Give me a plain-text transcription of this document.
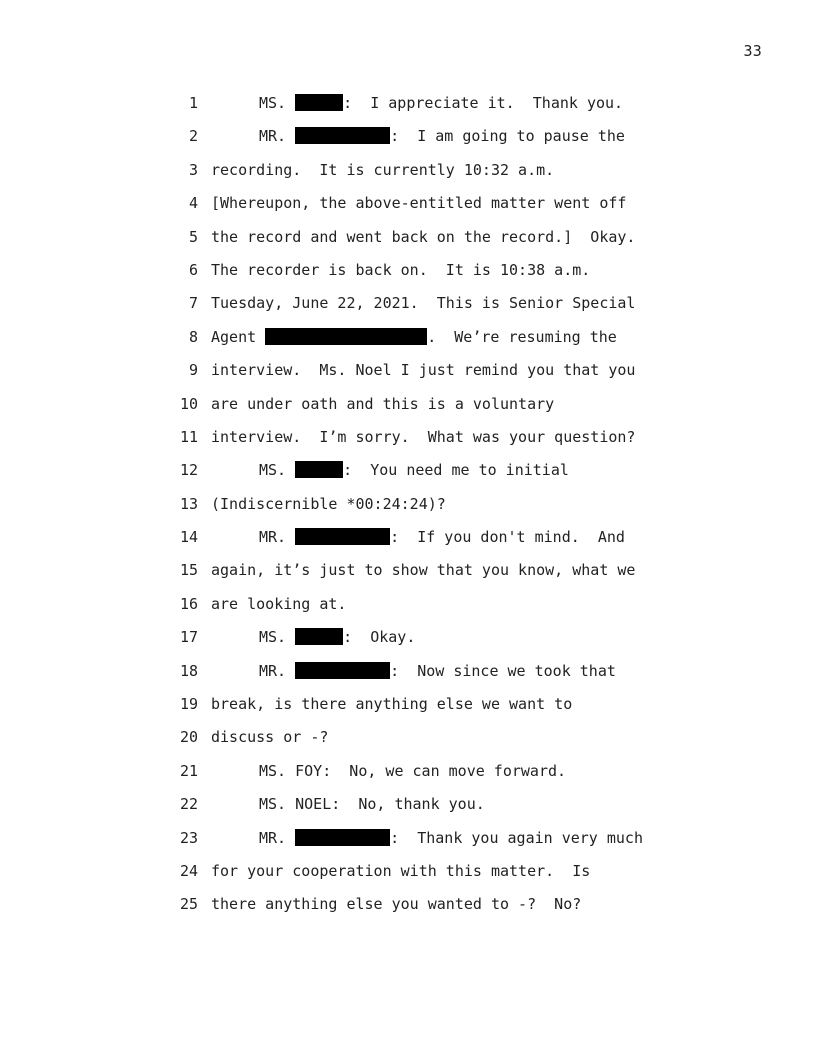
33
1	MS.	:  I appreciate it.  Thank you.
2	MR.	:  I am going to pause the
3 recording.  It is currently 10:32 a.m.
4 [Whereupon, the above-entitled matter went off
5 the record and went back on the record.]  Okay.
6 The recorder is back on.  It is 10:38 a.m.
7 Tuesday, June 22, 2021.  This is Senior Special
8 Agent	.  We’re resuming the
9 interview.  Ms. Noel I just remind you that you
10 are under oath and this is a voluntary
11 interview.  I’m sorry.  What was your question?
12	MS.	:  You need me to initial
13 (Indiscernible *00:24:24)?
14	MR.	:  If you don't mind.  And
15 again, it’s just to show that you know, what we
16 are looking at.
17	MS.	:  Okay.
18	MR.	:  Now since we took that
19 break, is there anything else we want to
20 discuss or -?
21	MS. FOY:  No, we can move forward.
22	MS. NOEL:  No, thank you.
23	MR.	:  Thank you again very much
24 for your cooperation with this matter.  Is
25 there anything else you wanted to -?  No?
